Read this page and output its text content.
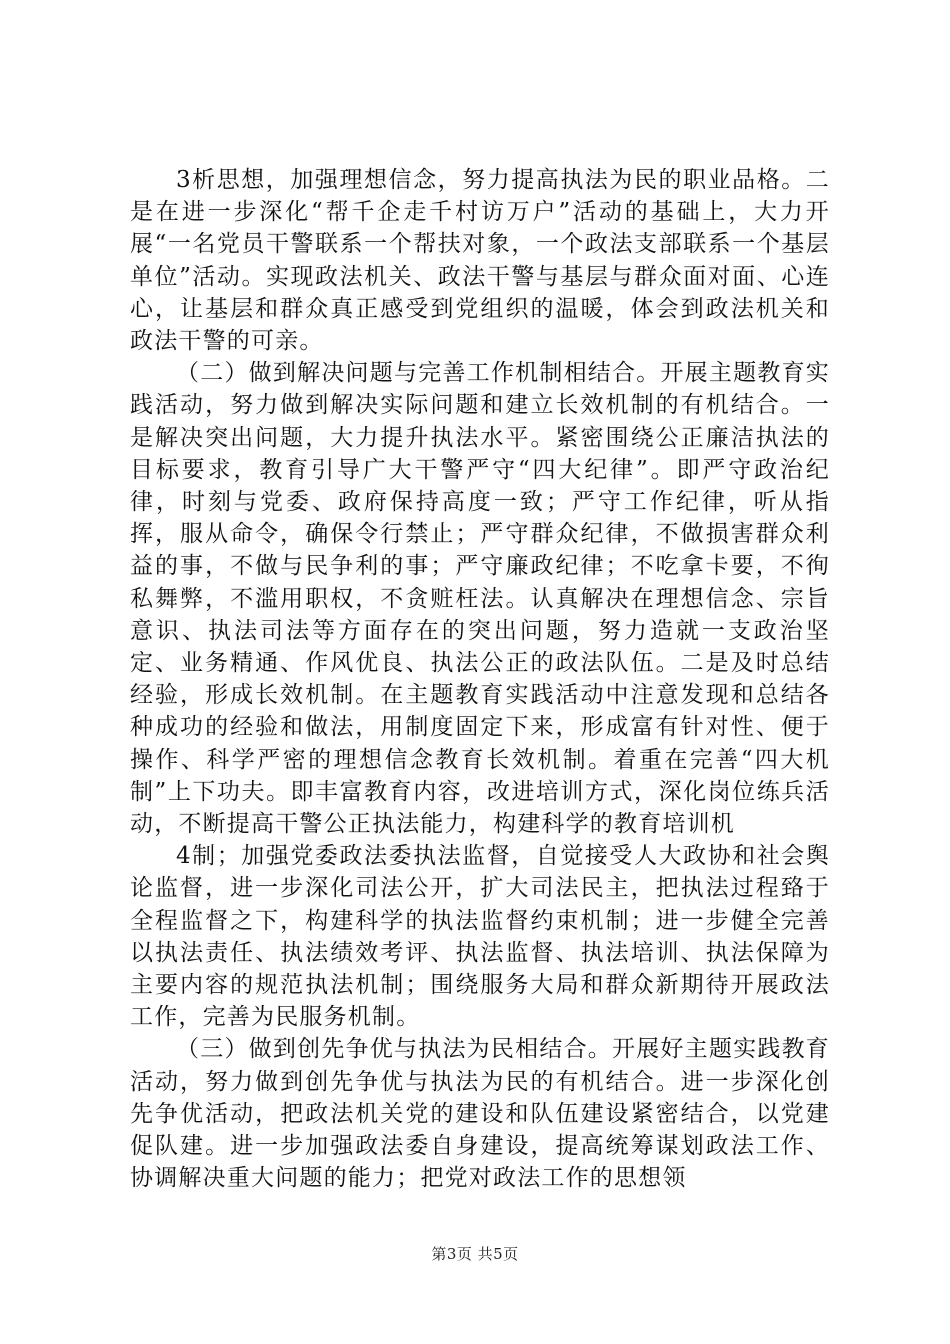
3析思想，加强理想信念，努力提高执法为民的职业品格。二是在进一步深化“帮千企走千村访万户”活动的基础上，大力开展“一名党员干警联系一个帮扶对象，一个政法支部联系一个基层单位”活动。实现政法机关、政法干警与基层与群众面对面、心连心，让基层和群众真正感受到党组织的温暖，体会到政法机关和政法干警的可亲。

（二）做到解决问题与完善工作机制相结合。开展主题教育实践活动，努力做到解决实际问题和建立长效机制的有机结合。一是解决突出问题，大力提升执法水平。紧密围绕公正廉洁执法的目标要求，教育引导广大干警严守“四大纪律”。即严守政治纪律，时刻与党委、政府保持高度一致；严守工作纪律，听从指挥，服从命令，确保令行禁止；严守群众纪律，不做损害群众利益的事，不做与民争利的事；严守廉政纪律；不吃拿卡要，不徇私舞弊，不滥用职权，不贪赃枉法。认真解决在理想信念、宗旨意识、执法司法等方面存在的突出问题，努力造就一支政治坚定、业务精通、作风优良、执法公正的政法队伍。二是及时总结经验，形成长效机制。在主题教育实践活动中注意发现和总结各种成功的经验和做法，用制度固定下来，形成富有针对性、便于操作、科学严密的理想信念教育长效机制。着重在完善“四大机制”上下功夫。即丰富教育内容，改进培训方式，深化岗位练兵活动，不断提高干警公正执法能力，构建科学的教育培训机

4制；加强党委政法委执法监督，自觉接受人大政协和社会舆论监督，进一步深化司法公开，扩大司法民主，把执法过程臵于全程监督之下，构建科学的执法监督约束机制；进一步健全完善以执法责任、执法绩效考评、执法监督、执法培训、执法保障为主要内容的规范执法机制；围绕服务大局和群众新期待开展政法工作，完善为民服务机制。

（三）做到创先争优与执法为民相结合。开展好主题实践教育活动，努力做到创先争优与执法为民的有机结合。进一步深化创先争优活动，把政法机关党的建设和队伍建设紧密结合，以党建促队建。进一步加强政法委自身建设，提高统筹谋划政法工作、协调解决重大问题的能力；把党对政法工作的思想领

第3页 共5页
